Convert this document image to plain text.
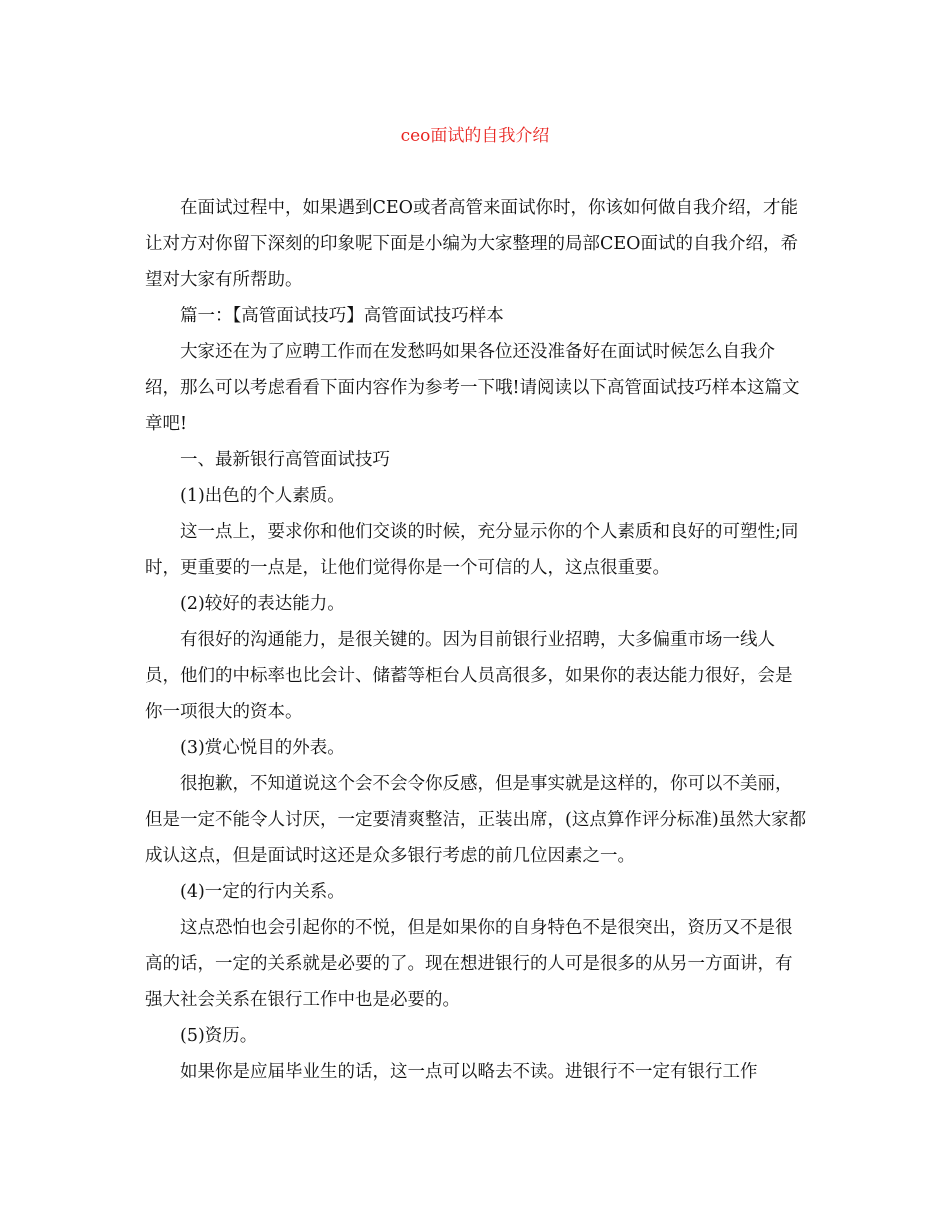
ceo面试的自我介绍

在面试过程中，如果遇到CEO或者高管来面试你时，你该如何做自我介绍，才能让对方对你留下深刻的印象呢下面是小编为大家整理的局部CEO面试的自我介绍，希望对大家有所帮助。

篇一：【高管面试技巧】高管面试技巧样本

大家还在为了应聘工作而在发愁吗如果各位还没准备好在面试时候怎么自我介绍，那么可以考虑看看下面内容作为参考一下哦!请阅读以下高管面试技巧样本这篇文章吧!

一、最新银行高管面试技巧

(1)出色的个人素质。

这一点上，要求你和他们交谈的时候，充分显示你的个人素质和良好的可塑性;同时，更重要的一点是，让他们觉得你是一个可信的人，这点很重要。

(2)较好的表达能力。

有很好的沟通能力，是很关键的。因为目前银行业招聘，大多偏重市场一线人员，他们的中标率也比会计、储蓄等柜台人员高很多，如果你的表达能力很好，会是你一项很大的资本。

(3)赏心悦目的外表。

很抱歉，不知道说这个会不会令你反感，但是事实就是这样的，你可以不美丽，但是一定不能令人讨厌，一定要清爽整洁，正装出席，(这点算作评分标准)虽然大家都成认这点，但是面试时这还是众多银行考虑的前几位因素之一。

(4)一定的行内关系。

这点恐怕也会引起你的不悦，但是如果你的自身特色不是很突出，资历又不是很高的话，一定的关系就是必要的了。现在想进银行的人可是很多的从另一方面讲，有强大社会关系在银行工作中也是必要的。

(5)资历。

如果你是应届毕业生的话，这一点可以略去不读。进银行不一定有银行工作
